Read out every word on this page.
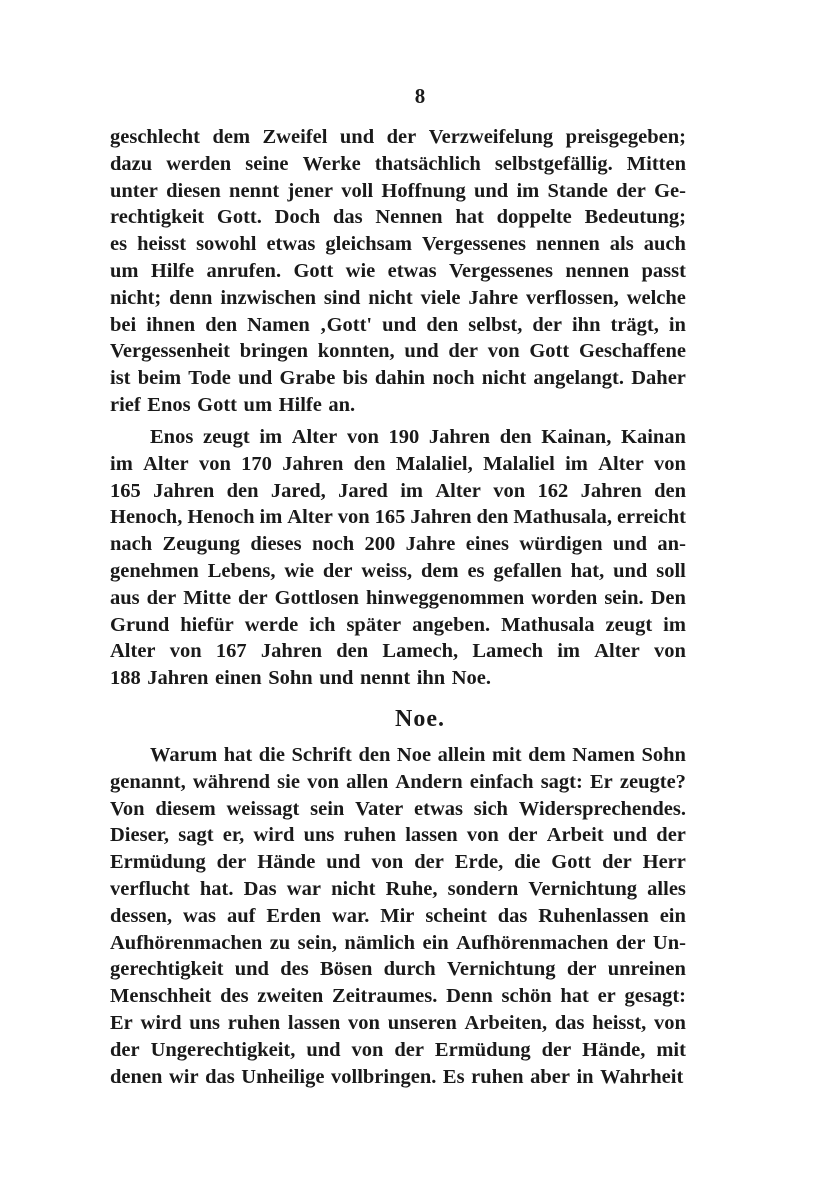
8
geschlecht dem Zweifel und der Verzweifelung preisgegeben;
dazu werden seine Werke thatsächlich selbstgefällig. Mitten
unter diesen nennt jener voll Hoffnung und im Stande der Ge-
rechtigkeit Gott. Doch das Nennen hat doppelte Bedeutung;
es heisst sowohl etwas gleichsam Vergessenes nennen als auch
um Hilfe anrufen. Gott wie etwas Vergessenes nennen passt
nicht; denn inzwischen sind nicht viele Jahre verflossen, welche
bei ihnen den Namen ‚Gott' und den selbst, der ihn trägt, in
Vergessenheit bringen konnten, und der von Gott Geschaffene
ist beim Tode und Grabe bis dahin noch nicht angelangt. Daher
rief Enos Gott um Hilfe an.
Enos zeugt im Alter von 190 Jahren den Kainan, Kainan
im Alter von 170 Jahren den Malaliel, Malaliel im Alter von
165 Jahren den Jared, Jared im Alter von 162 Jahren den
Henoch, Henoch im Alter von 165 Jahren den Mathusala, erreicht
nach Zeugung dieses noch 200 Jahre eines würdigen und an-
genehmen Lebens, wie der weiss, dem es gefallen hat, und soll
aus der Mitte der Gottlosen hinweggenommen worden sein. Den
Grund hiefür werde ich später angeben. Mathusala zeugt im
Alter von 167 Jahren den Lamech, Lamech im Alter von
188 Jahren einen Sohn und nennt ihn Noe.
Noe.
Warum hat die Schrift den Noe allein mit dem Namen Sohn
genannt, während sie von allen Andern einfach sagt: Er zeugte?
Von diesem weissagt sein Vater etwas sich Widersprechendes.
Dieser, sagt er, wird uns ruhen lassen von der Arbeit und der
Ermüdung der Hände und von der Erde, die Gott der Herr
verflucht hat. Das war nicht Ruhe, sondern Vernichtung alles
dessen, was auf Erden war. Mir scheint das Ruhenlassen ein
Aufhörenmachen zu sein, nämlich ein Aufhörenmachen der Un-
gerechtigkeit und des Bösen durch Vernichtung der unreinen
Menschheit des zweiten Zeitraumes. Denn schön hat er gesagt:
Er wird uns ruhen lassen von unseren Arbeiten, das heisst, von
der Ungerechtigkeit, und von der Ermüdung der Hände, mit
denen wir das Unheilige vollbringen. Es ruhen aber in Wahrheit
